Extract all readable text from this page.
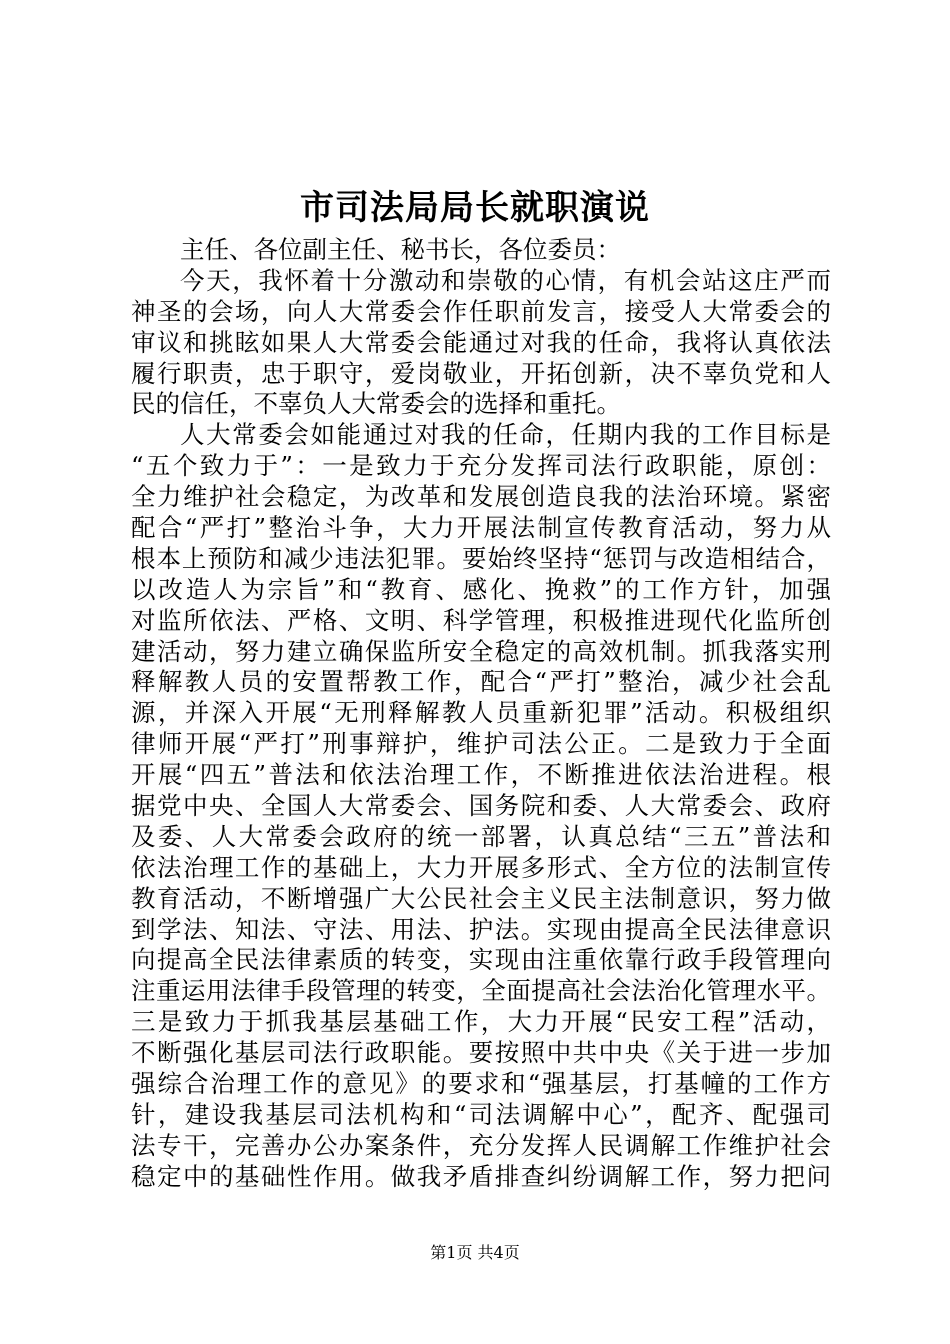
市司法局局长就职演说
主任、各位副主任、秘书长，各位委员：
今天，我怀着十分激动和崇敬的心情，有机会站这庄严而
神圣的会场，向人大常委会作任职前发言，接受人大常委会的
审议和挑眩如果人大常委会能通过对我的任命，我将认真依法
履行职责，忠于职守，爱岗敬业，开拓创新，决不辜负党和人
民的信任，不辜负人大常委会的选择和重托。
人大常委会如能通过对我的任命，任期内我的工作目标是
“五个致力于”：一是致力于充分发挥司法行政职能，原创：
全力维护社会稳定，为改革和发展创造良我的法治环境。紧密
配合“严打”整治斗争，大力开展法制宣传教育活动，努力从
根本上预防和减少违法犯罪。要始终坚持“惩罚与改造相结合，
以改造人为宗旨”和“教育、感化、挽救”的工作方针，加强
对监所依法、严格、文明、科学管理，积极推进现代化监所创
建活动，努力建立确保监所安全稳定的高效机制。抓我落实刑
释解教人员的安置帮教工作，配合“严打”整治，减少社会乱
源，并深入开展“无刑释解教人员重新犯罪”活动。积极组织
律师开展“严打”刑事辩护，维护司法公正。二是致力于全面
开展“四五”普法和依法治理工作，不断推进依法治进程。根
据党中央、全国人大常委会、国务院和委、人大常委会、政府
及委、人大常委会政府的统一部署，认真总结“三五”普法和
依法治理工作的基础上，大力开展多形式、全方位的法制宣传
教育活动，不断增强广大公民社会主义民主法制意识，努力做
到学法、知法、守法、用法、护法。实现由提高全民法律意识
向提高全民法律素质的转变，实现由注重依靠行政手段管理向
注重运用法律手段管理的转变，全面提高社会法治化管理水平。
三是致力于抓我基层基础工作，大力开展“民安工程”活动，
不断强化基层司法行政职能。要按照中共中央《关于进一步加
强综合治理工作的意见》的要求和“强基层，打基幢的工作方
针，建设我基层司法机构和“司法调解中心”，配齐、配强司
法专干，完善办公办案条件，充分发挥人民调解工作维护社会
稳定中的基础性作用。做我矛盾排查纠纷调解工作，努力把问
第1页 共4页
